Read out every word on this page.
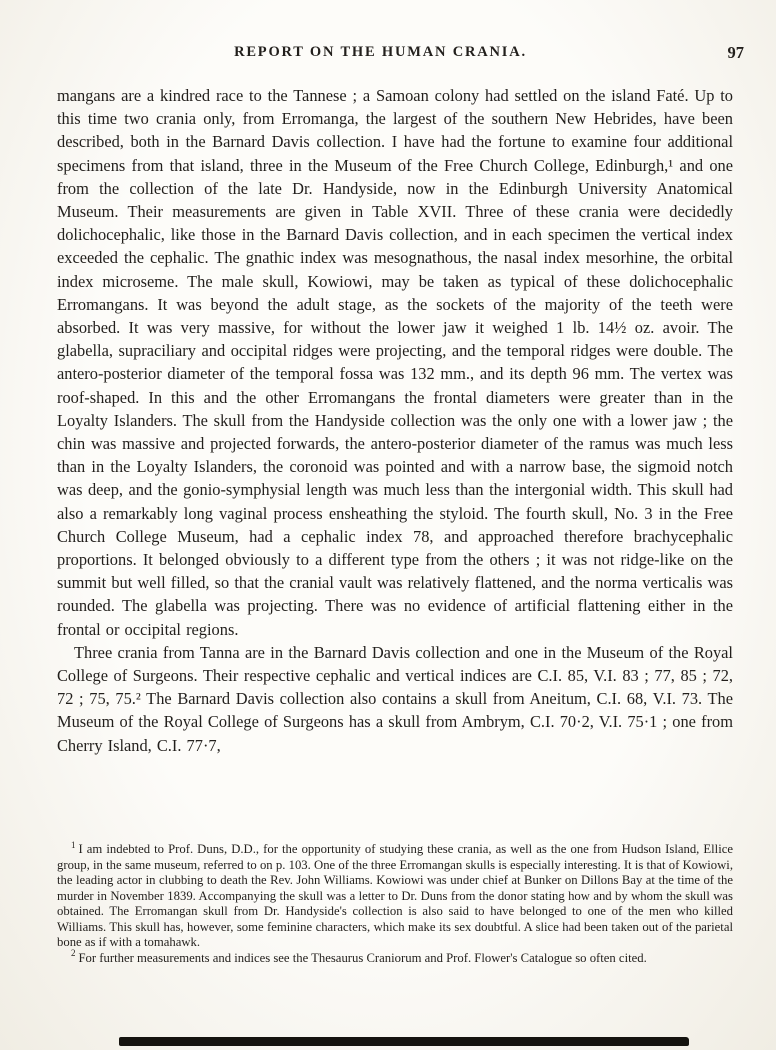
REPORT ON THE HUMAN CRANIA.	97

mangans are a kindred race to the Tannese ; a Samoan colony had settled on the island Faté. Up to this time two crania only, from Erromanga, the largest of the southern New Hebrides, have been described, both in the Barnard Davis collection. I have had the fortune to examine four additional specimens from that island, three in the Museum of the Free Church College, Edinburgh,¹ and one from the collection of the late Dr. Handyside, now in the Edinburgh University Anatomical Museum. Their measurements are given in Table XVII. Three of these crania were decidedly dolichocephalic, like those in the Barnard Davis collection, and in each specimen the vertical index exceeded the cephalic. The gnathic index was mesognathous, the nasal index mesorhine, the orbital index microseme. The male skull, Kowiowi, may be taken as typical of these dolichocephalic Erromangans. It was beyond the adult stage, as the sockets of the majority of the teeth were absorbed. It was very massive, for without the lower jaw it weighed 1 lb. 14½ oz. avoir. The glabella, supraciliary and occipital ridges were projecting, and the temporal ridges were double. The antero-posterior diameter of the temporal fossa was 132 mm., and its depth 96 mm. The vertex was roof-shaped. In this and the other Erromangans the frontal diameters were greater than in the Loyalty Islanders. The skull from the Handyside collection was the only one with a lower jaw ; the chin was massive and projected forwards, the antero-posterior diameter of the ramus was much less than in the Loyalty Islanders, the coronoid was pointed and with a narrow base, the sigmoid notch was deep, and the gonio-symphysial length was much less than the intergonial width. This skull had also a remarkably long vaginal process ensheathing the styloid. The fourth skull, No. 3 in the Free Church College Museum, had a cephalic index 78, and approached therefore brachycephalic proportions. It belonged obviously to a different type from the others ; it was not ridge-like on the summit but well filled, so that the cranial vault was relatively flattened, and the norma verticalis was rounded. The glabella was projecting. There was no evidence of artificial flattening either in the frontal or occipital regions.

Three crania from Tanna are in the Barnard Davis collection and one in the Museum of the Royal College of Surgeons. Their respective cephalic and vertical indices are C.I. 85, V.I. 83 ; 77, 85 ; 72, 72 ; 75, 75.² The Barnard Davis collection also contains a skull from Aneitum, C.I. 68, V.I. 73. The Museum of the Royal College of Surgeons has a skull from Ambrym, C.I. 70·2, V.I. 75·1 ; one from Cherry Island, C.I. 77·7,

$^1$ I am indebted to Prof. Duns, D.D., for the opportunity of studying these crania, as well as the one from Hudson Island, Ellice group, in the same museum, referred to on p. 103. One of the three Erromangan skulls is especially interesting. It is that of Kowiowi, the leading actor in clubbing to death the Rev. John Williams. Kowiowi was under chief at Bunker on Dillons Bay at the time of the murder in November 1839. Accompanying the skull was a letter to Dr. Duns from the donor stating how and by whom the skull was obtained. The Erromangan skull from Dr. Handyside's collection is also said to have belonged to one of the men who killed Williams. This skull has, however, some feminine characters, which make its sex doubtful. A slice had been taken out of the parietal bone as if with a tomahawk.

$^2$ For further measurements and indices see the Thesaurus Craniorum and Prof. Flower's Catalogue so often cited.
